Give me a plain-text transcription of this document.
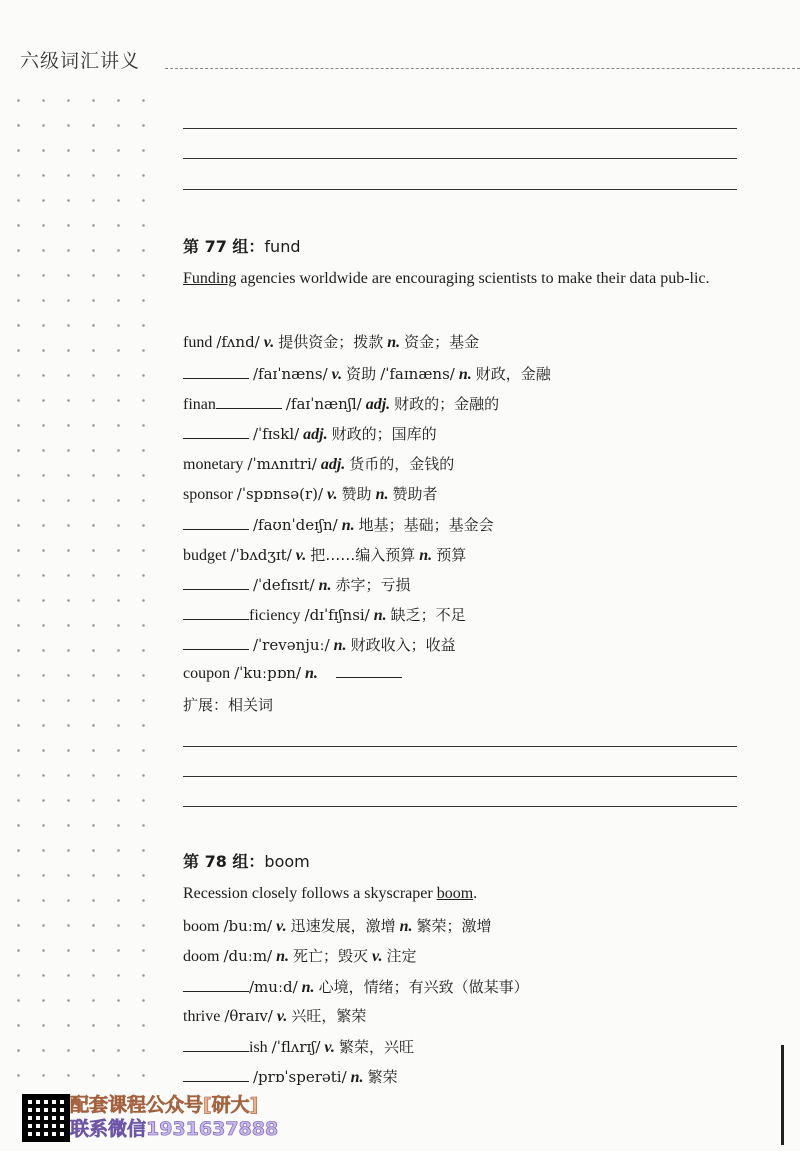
六级词汇讲义
第 77 组：fund
Funding agencies worldwide are encouraging scientists to make their data pub-lic.
fund /fʌnd/ v. 提供资金；拨款 n. 资金；基金
/faɪˈnæns/ v. 资助 /ˈfaɪnæns/ n. 财政，金融
finan	/faɪˈnænʃl/ adj. 财政的；金融的
/ˈfɪskl/ adj. 财政的；国库的
monetary /ˈmʌnɪtri/ adj. 货币的，金钱的
sponsor /ˈspɒnsə(r)/ v. 赞助 n. 赞助者
/faʊnˈdeɪʃn/ n. 地基；基础；基金会
budget /ˈbʌdʒɪt/ v. 把……编入预算 n. 预算
/ˈdefɪsɪt/ n. 赤字；亏损
ficiency /dɪˈfɪʃnsi/ n. 缺乏；不足
/ˈrevənjuː/ n. 财政收入；收益
coupon /ˈkuːpɒn/ n.
扩展：相关词
第 78 组：boom
Recession closely follows a skyscraper boom.
boom /buːm/ v. 迅速发展，激增 n. 繁荣；激增
doom /duːm/ n. 死亡；毁灭 v. 注定
/muːd/ n. 心境，情绪；有兴致（做某事）
thrive /θraɪv/ v. 兴旺，繁荣
ish /ˈflʌrɪʃ/ v. 繁荣，兴旺
/prɒˈsperəti/ n. 繁荣
配套课程公众号[研大]
联系微信1931637888
